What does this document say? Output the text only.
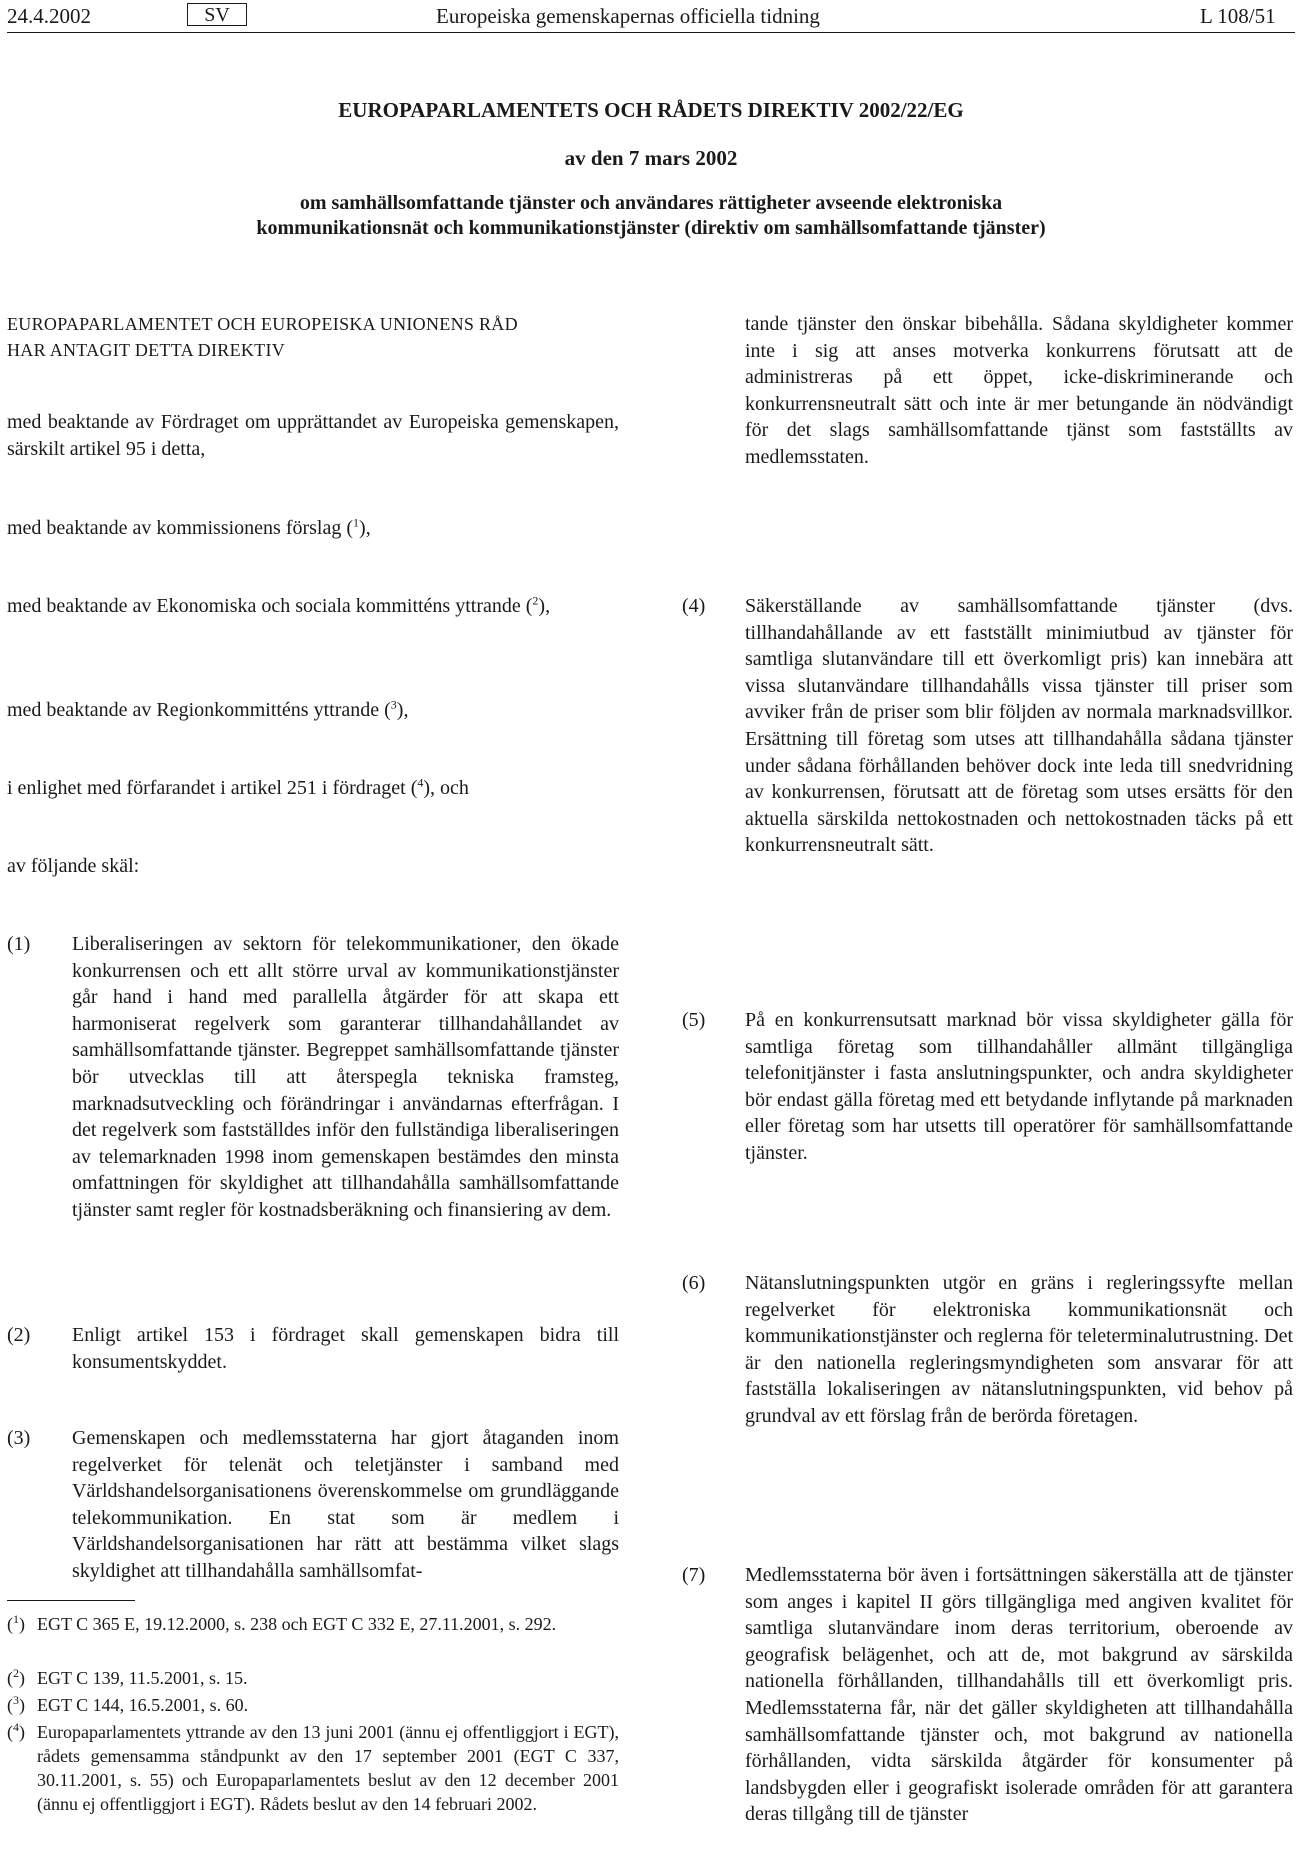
24.4.2002	SV	Europeiska gemenskapernas officiella tidning	L 108/51
EUROPAPARLAMENTETS OCH RÅDETS DIREKTIV 2002/22/EG
av den 7 mars 2002
om samhällsomfattande tjänster och användares rättigheter avseende elektroniska
kommunikationsnät och kommunikationstjänster (direktiv om samhällsomfattande tjänster)

EUROPAPARLAMENTET OCH EUROPEISKA UNIONENS RÅD

HAR ANTAGIT DETTA DIREKTIV

med beaktande av Fördraget om upprättandet av Europeiska gemenskapen, särskilt artikel 95 i detta,

med beaktande av kommissionens förslag ($^1$),

med beaktande av Ekonomiska och sociala kommitténs yttrande ($^2$),

med beaktande av Regionkommitténs yttrande ($^3$),

i enlighet med förfarandet i artikel 251 i fördraget ($^4$), och

av följande skäl:

(1) Liberaliseringen av sektorn för telekommunikationer, den ökade konkurrensen och ett allt större urval av kommunikationstjänster går hand i hand med parallella åtgärder för att skapa ett harmoniserat regelverk som garanterar tillhandahållandet av samhällsomfattande tjänster. Begreppet samhällsomfattande tjänster bör utvecklas till att återspegla tekniska framsteg, marknadsutveckling och förändringar i användarnas efterfrågan. I det regelverk som fastställdes inför den fullständiga liberaliseringen av telemarknaden 1998 inom gemenskapen bestämdes den minsta omfattningen för skyldighet att tillhandahålla samhällsomfattande tjänster samt regler för kostnadsberäkning och finansiering av dem.

(2) Enligt artikel 153 i fördraget skall gemenskapen bidra till konsumentskyddet.

(3) Gemenskapen och medlemsstaterna har gjort åtaganden inom regelverket för telenät och teletjänster i samband med Världshandelsorganisationens överenskommelse om grundläggande telekommunikation. En stat som är medlem i Världshandelsorganisationen har rätt att bestämma vilket slags skyldighet att tillhandahålla samhällsomfat-

($^1$) EGT C 365 E, 19.12.2000, s. 238 och EGT C 332 E, 27.11.2001, s. 292.

($^2$) EGT C 139, 11.5.2001, s. 15.

($^3$) EGT C 144, 16.5.2001, s. 60.

($^4$) Europaparlamentets yttrande av den 13 juni 2001 (ännu ej offentliggjort i EGT), rådets gemensamma ståndpunkt av den 17 september 2001 (EGT C 337, 30.11.2001, s. 55) och Europaparlamentets beslut av den 12 december 2001 (ännu ej offentliggjort i EGT). Rådets beslut av den 14 februari 2002.

tande tjänster den önskar bibehålla. Sådana skyldigheter kommer inte i sig att anses motverka konkurrens förutsatt att de administreras på ett öppet, icke-diskriminerande och konkurrensneutralt sätt och inte är mer betungande än nödvändigt för det slags samhällsomfattande tjänst som fastställts av medlemsstaten.

(4) Säkerställande av samhällsomfattande tjänster (dvs. tillhandahållande av ett fastställt minimiutbud av tjänster för samtliga slutanvändare till ett överkomligt pris) kan innebära att vissa slutanvändare tillhandahålls vissa tjänster till priser som avviker från de priser som blir följden av normala marknadsvillkor. Ersättning till företag som utses att tillhandahålla sådana tjänster under sådana förhållanden behöver dock inte leda till snedvridning av konkurrensen, förutsatt att de företag som utses ersätts för den aktuella särskilda nettokostnaden och nettokostnaden täcks på ett konkurrensneutralt sätt.

(5) På en konkurrensutsatt marknad bör vissa skyldigheter gälla för samtliga företag som tillhandahåller allmänt tillgängliga telefonitjänster i fasta anslutningspunkter, och andra skyldigheter bör endast gälla företag med ett betydande inflytande på marknaden eller företag som har utsetts till operatörer för samhällsomfattande tjänster.

(6) Nätanslutningspunkten utgör en gräns i regleringssyfte mellan regelverket för elektroniska kommunikationsnät och kommunikationstjänster och reglerna för teleterminalutrustning. Det är den nationella regleringsmyndigheten som ansvarar för att fastställa lokaliseringen av nätanslutningspunkten, vid behov på grundval av ett förslag från de berörda företagen.

(7) Medlemsstaterna bör även i fortsättningen säkerställa att de tjänster som anges i kapitel II görs tillgängliga med angiven kvalitet för samtliga slutanvändare inom deras territorium, oberoende av geografisk belägenhet, och att de, mot bakgrund av särskilda nationella förhållanden, tillhandahålls till ett överkomligt pris. Medlemsstaterna får, när det gäller skyldigheten att tillhandahålla samhällsomfattande tjänster och, mot bakgrund av nationella förhållanden, vidta särskilda åtgärder för konsumenter på landsbygden eller i geografiskt isolerade områden för att garantera deras tillgång till de tjänster
